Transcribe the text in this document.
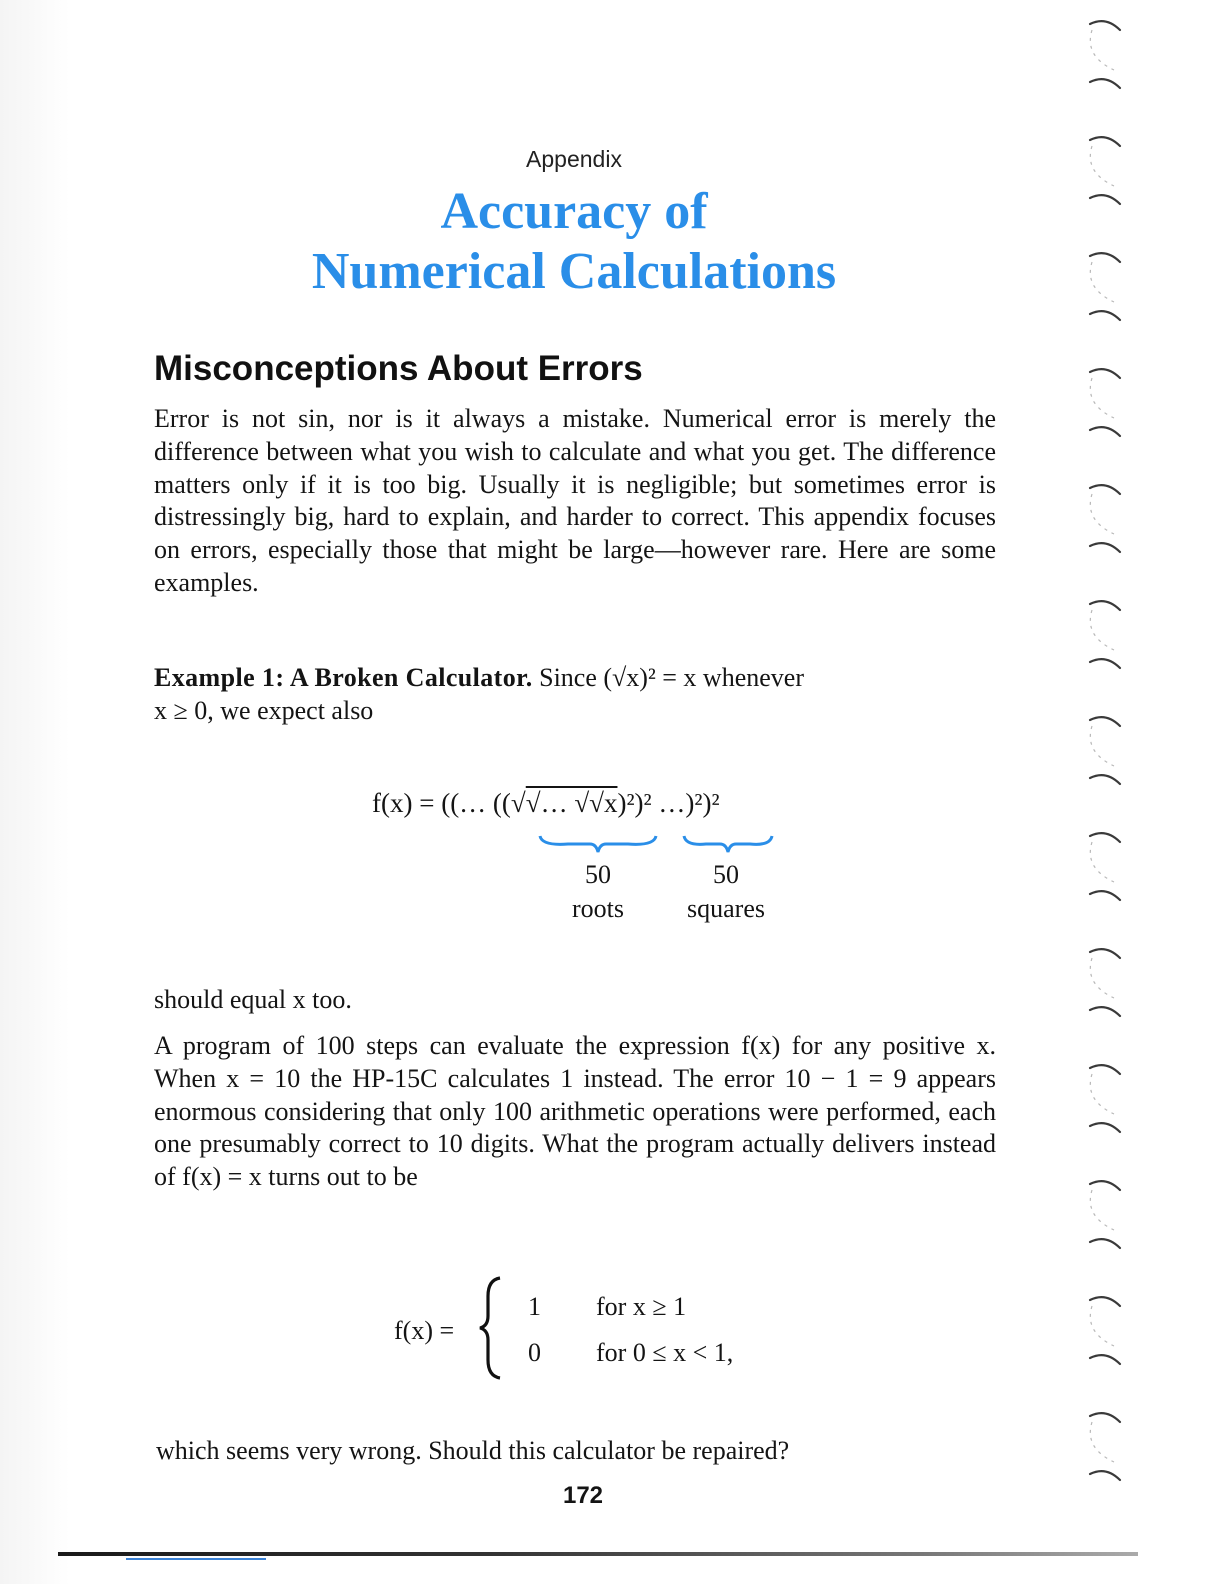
Appendix
Accuracy of
Numerical Calculations
Misconceptions About Errors
Error is not sin, nor is it always a mistake. Numerical error is merely the difference between what you wish to calculate and what you get. The difference matters only if it is too big. Usually it is negligible; but sometimes error is distressingly big, hard to explain, and harder to correct. This appendix focuses on errors, especially those that might be large—however rare. Here are some examples.
Example 1: A Broken Calculator. Since (√x)² = x whenever
x ≥ 0, we expect also
f(x) = ((… ((√√… √√x)²)² …)²)²
50
roots
50
squares
should equal x too.
A program of 100 steps can evaluate the expression f(x) for any positive x. When x = 10 the HP-15C calculates 1 instead. The error 10 − 1 = 9 appears enormous considering that only 100 arithmetic operations were performed, each one presumably correct to 10 digits. What the program actually delivers instead of f(x) = x turns out to be
f(x) =
1 for x ≥ 1
0 for 0 ≤ x < 1,
which seems very wrong. Should this calculator be repaired?
172
